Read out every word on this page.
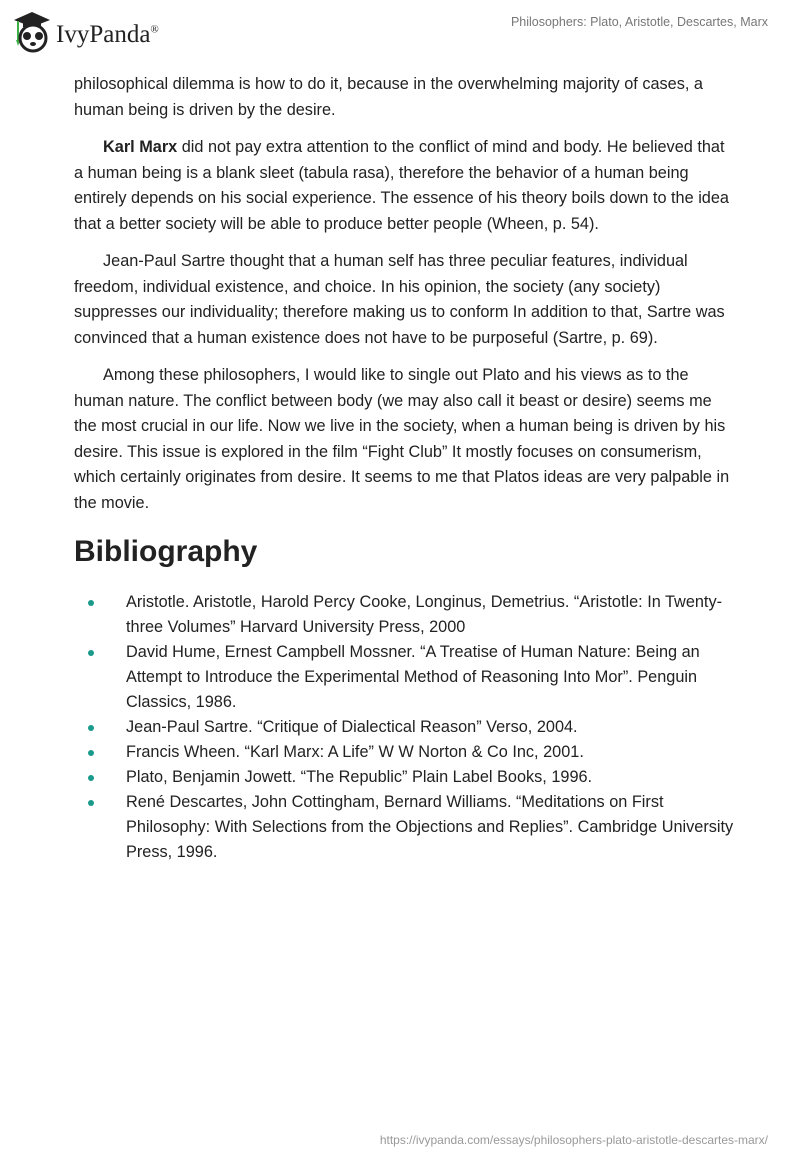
IvyPanda®
Philosophers: Plato, Aristotle, Descartes, Marx

philosophical dilemma is how to do it, because in the overwhelming majority of cases, a human being is driven by the desire.

Karl Marx did not pay extra attention to the conflict of mind and body. He believed that a human being is a blank sleet (tabula rasa), therefore the behavior of a human being entirely depends on his social experience. The essence of his theory boils down to the idea that a better society will be able to produce better people (Wheen, p. 54).

Jean-Paul Sartre thought that a human self has three peculiar features, individual freedom, individual existence, and choice. In his opinion, the society (any society) suppresses our individuality; therefore making us to conform In addition to that, Sartre was convinced that a human existence does not have to be purposeful (Sartre, p. 69).

Among these philosophers, I would like to single out Plato and his views as to the human nature. The conflict between body (we may also call it beast or desire) seems me the most crucial in our life. Now we live in the society, when a human being is driven by his desire. This issue is explored in the film “Fight Club” It mostly focuses on consumerism, which certainly originates from desire. It seems to me that Platos ideas are very palpable in the movie.

Bibliography
Aristotle. Aristotle, Harold Percy Cooke, Longinus, Demetrius. “Aristotle: In Twenty- three Volumes” Harvard University Press, 2000
David Hume, Ernest Campbell Mossner. “A Treatise of Human Nature: Being an Attempt to Introduce the Experimental Method of Reasoning Into Mor”. Penguin Classics, 1986.
Jean-Paul Sartre. “Critique of Dialectical Reason” Verso, 2004.
Francis Wheen. “Karl Marx: A Life” W W Norton & Co Inc, 2001.
Plato, Benjamin Jowett. “The Republic” Plain Label Books, 1996.
René Descartes, John Cottingham, Bernard Williams. “Meditations on First Philosophy: With Selections from the Objections and Replies”. Cambridge University Press, 1996.
https://ivypanda.com/essays/philosophers-plato-aristotle-descartes-marx/
